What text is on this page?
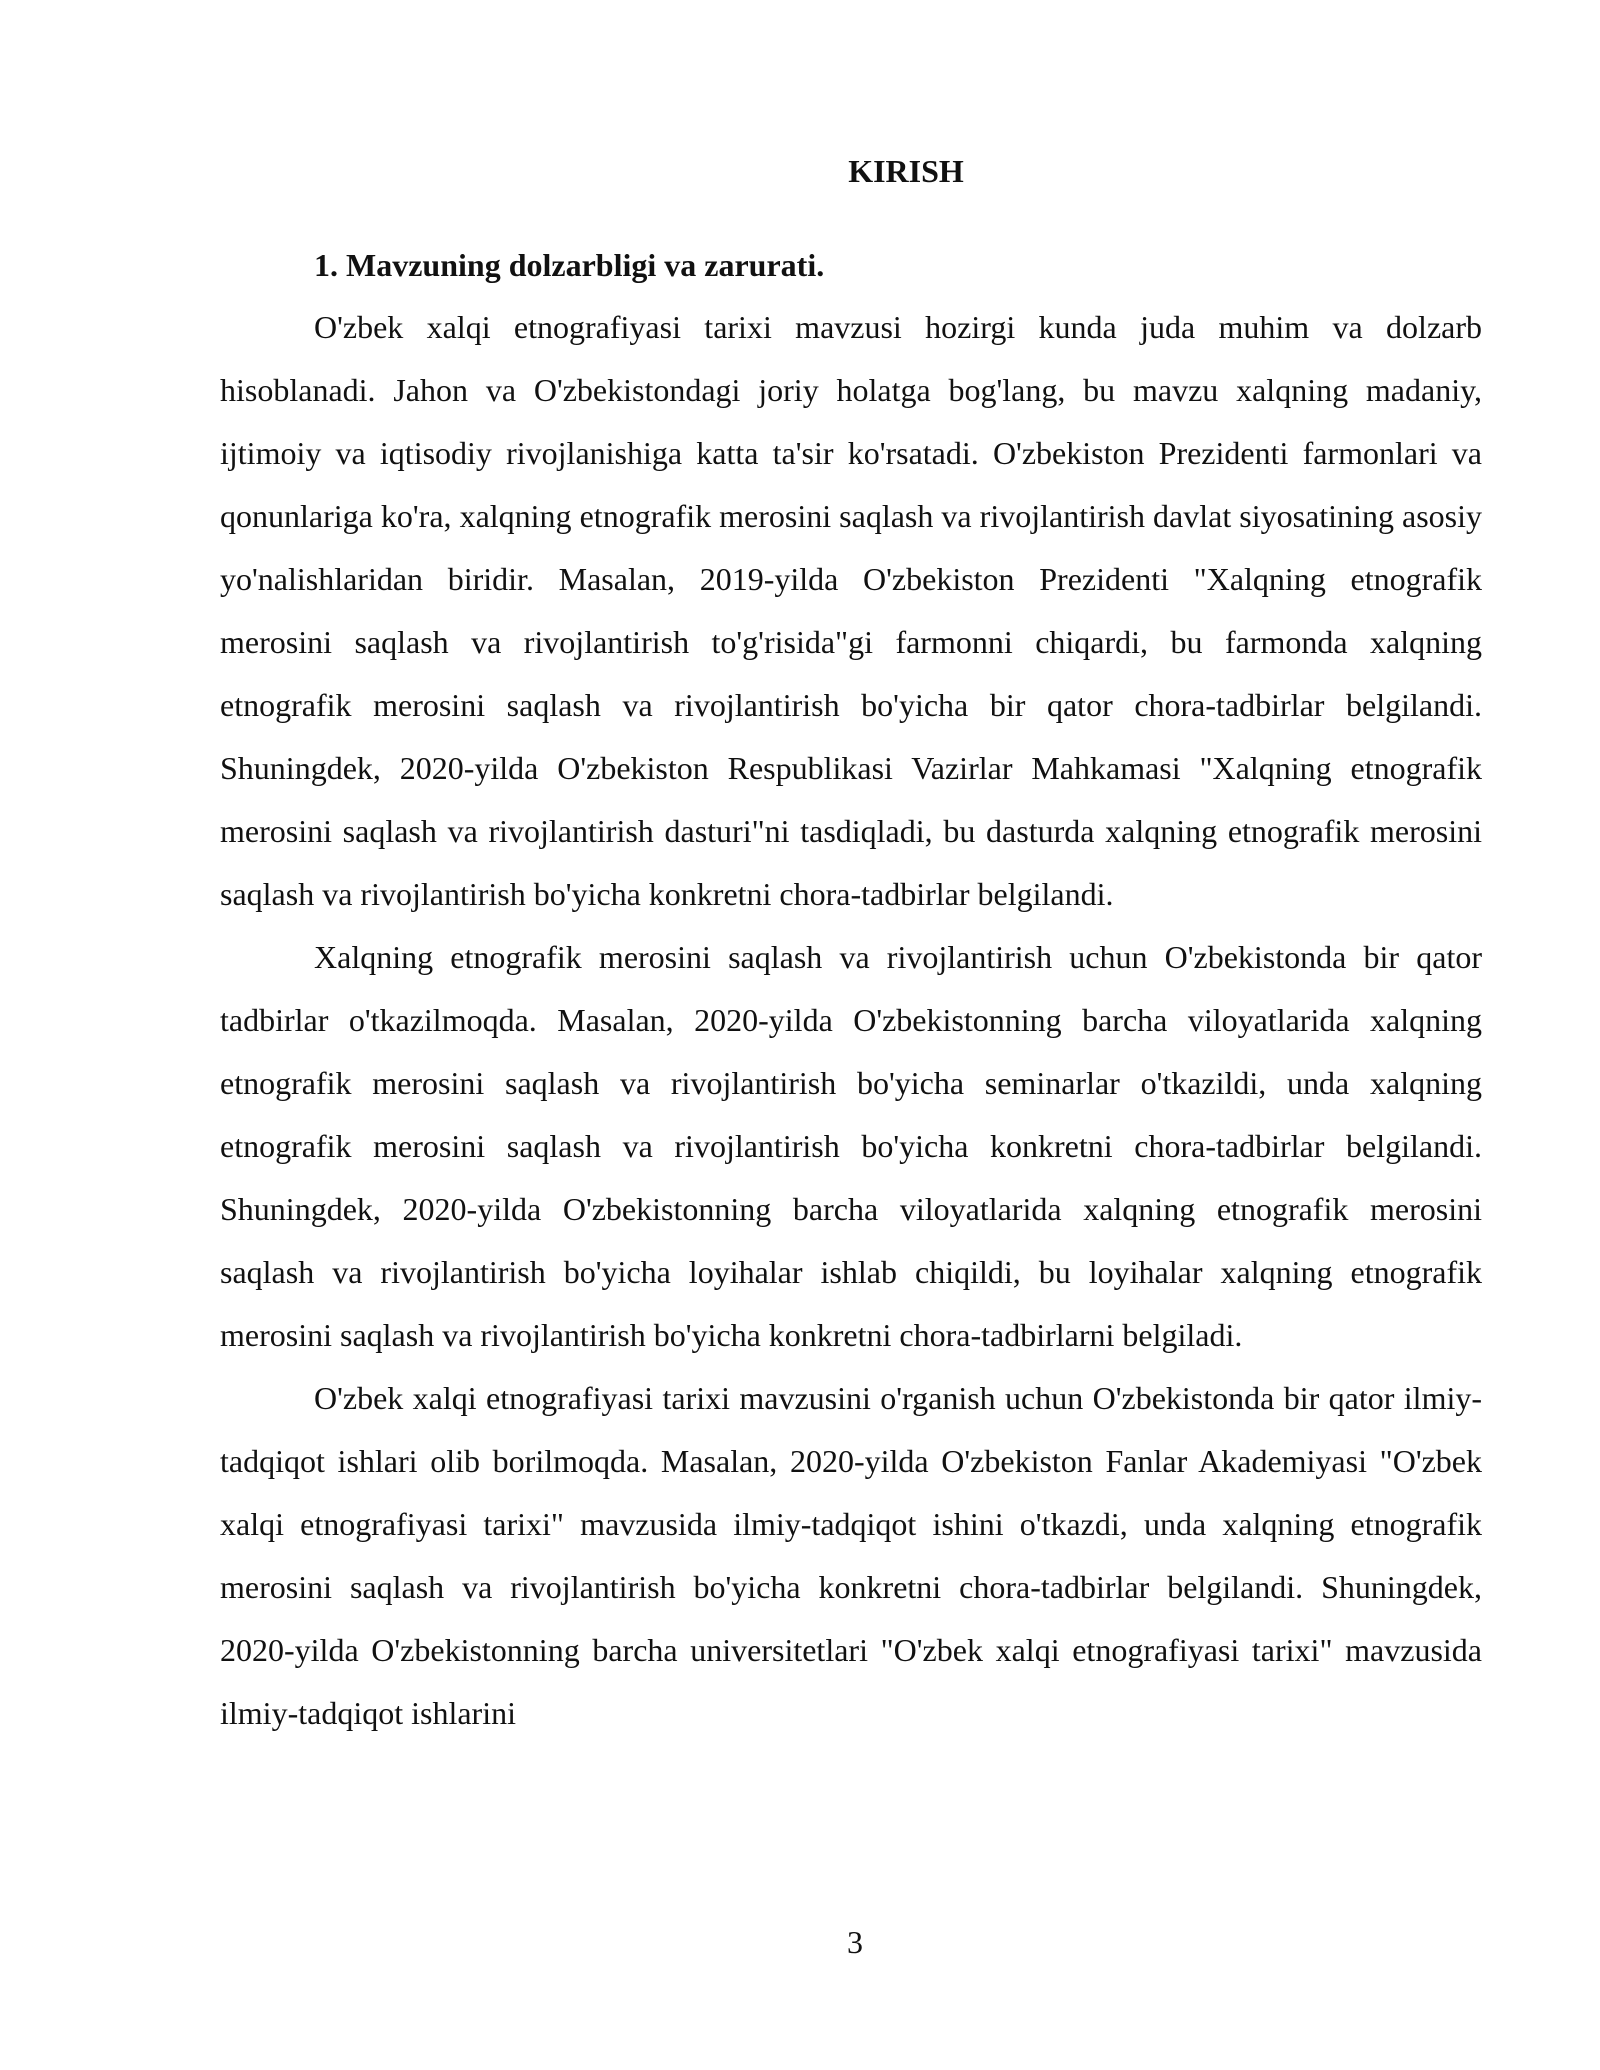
KIRISH
1. Mavzuning dolzarbligi va zarurati.

O'zbek xalqi etnografiyasi tarixi mavzusi hozirgi kunda juda muhim va dolzarb hisoblanadi. Jahon va O'zbekistondagi joriy holatga bog'lang, bu mavzu xalqning madaniy, ijtimoiy va iqtisodiy rivojlanishiga katta ta'sir ko'rsatadi. O'zbekiston Prezidenti farmonlari va qonunlariga ko'ra, xalqning etnografik merosini saqlash va rivojlantirish davlat siyosatining asosiy yo'nalishlaridan biridir. Masalan, 2019-yilda O'zbekiston Prezidenti "Xalqning etnografik merosini saqlash va rivojlantirish to'g'risida"gi farmonni chiqardi, bu farmonda xalqning etnografik merosini saqlash va rivojlantirish bo'yicha bir qator chora-tadbirlar belgilandi. Shuningdek, 2020-yilda O'zbekiston Respublikasi Vazirlar Mahkamasi "Xalqning etnografik merosini saqlash va rivojlantirish dasturi"ni tasdiqladi, bu dasturda xalqning etnografik merosini saqlash va rivojlantirish bo'yicha konkretni chora-tadbirlar belgilandi.

Xalqning etnografik merosini saqlash va rivojlantirish uchun O'zbekistonda bir qator tadbirlar o'tkazilmoqda. Masalan, 2020-yilda O'zbekistonning barcha viloyatlarida xalqning etnografik merosini saqlash va rivojlantirish bo'yicha seminarlar o'tkazildi, unda xalqning etnografik merosini saqlash va rivojlantirish bo'yicha konkretni chora-tadbirlar belgilandi. Shuningdek, 2020-yilda O'zbekistonning barcha viloyatlarida xalqning etnografik merosini saqlash va rivojlantirish bo'yicha loyihalar ishlab chiqildi, bu loyihalar xalqning etnografik merosini saqlash va rivojlantirish bo'yicha konkretni chora-tadbirlarni belgiladi.

O'zbek xalqi etnografiyasi tarixi mavzusini o'rganish uchun O'zbekistonda bir qator ilmiy-tadqiqot ishlari olib borilmoqda. Masalan, 2020-yilda O'zbekiston Fanlar Akademiyasi "O'zbek xalqi etnografiyasi tarixi" mavzusida ilmiy-tadqiqot ishini o'tkazdi, unda xalqning etnografik merosini saqlash va rivojlantirish bo'yicha konkretni chora-tadbirlar belgilandi. Shuningdek, 2020-yilda O'zbekistonning barcha universitetlari "O'zbek xalqi etnografiyasi tarixi" mavzusida ilmiy-tadqiqot ishlarini

3
